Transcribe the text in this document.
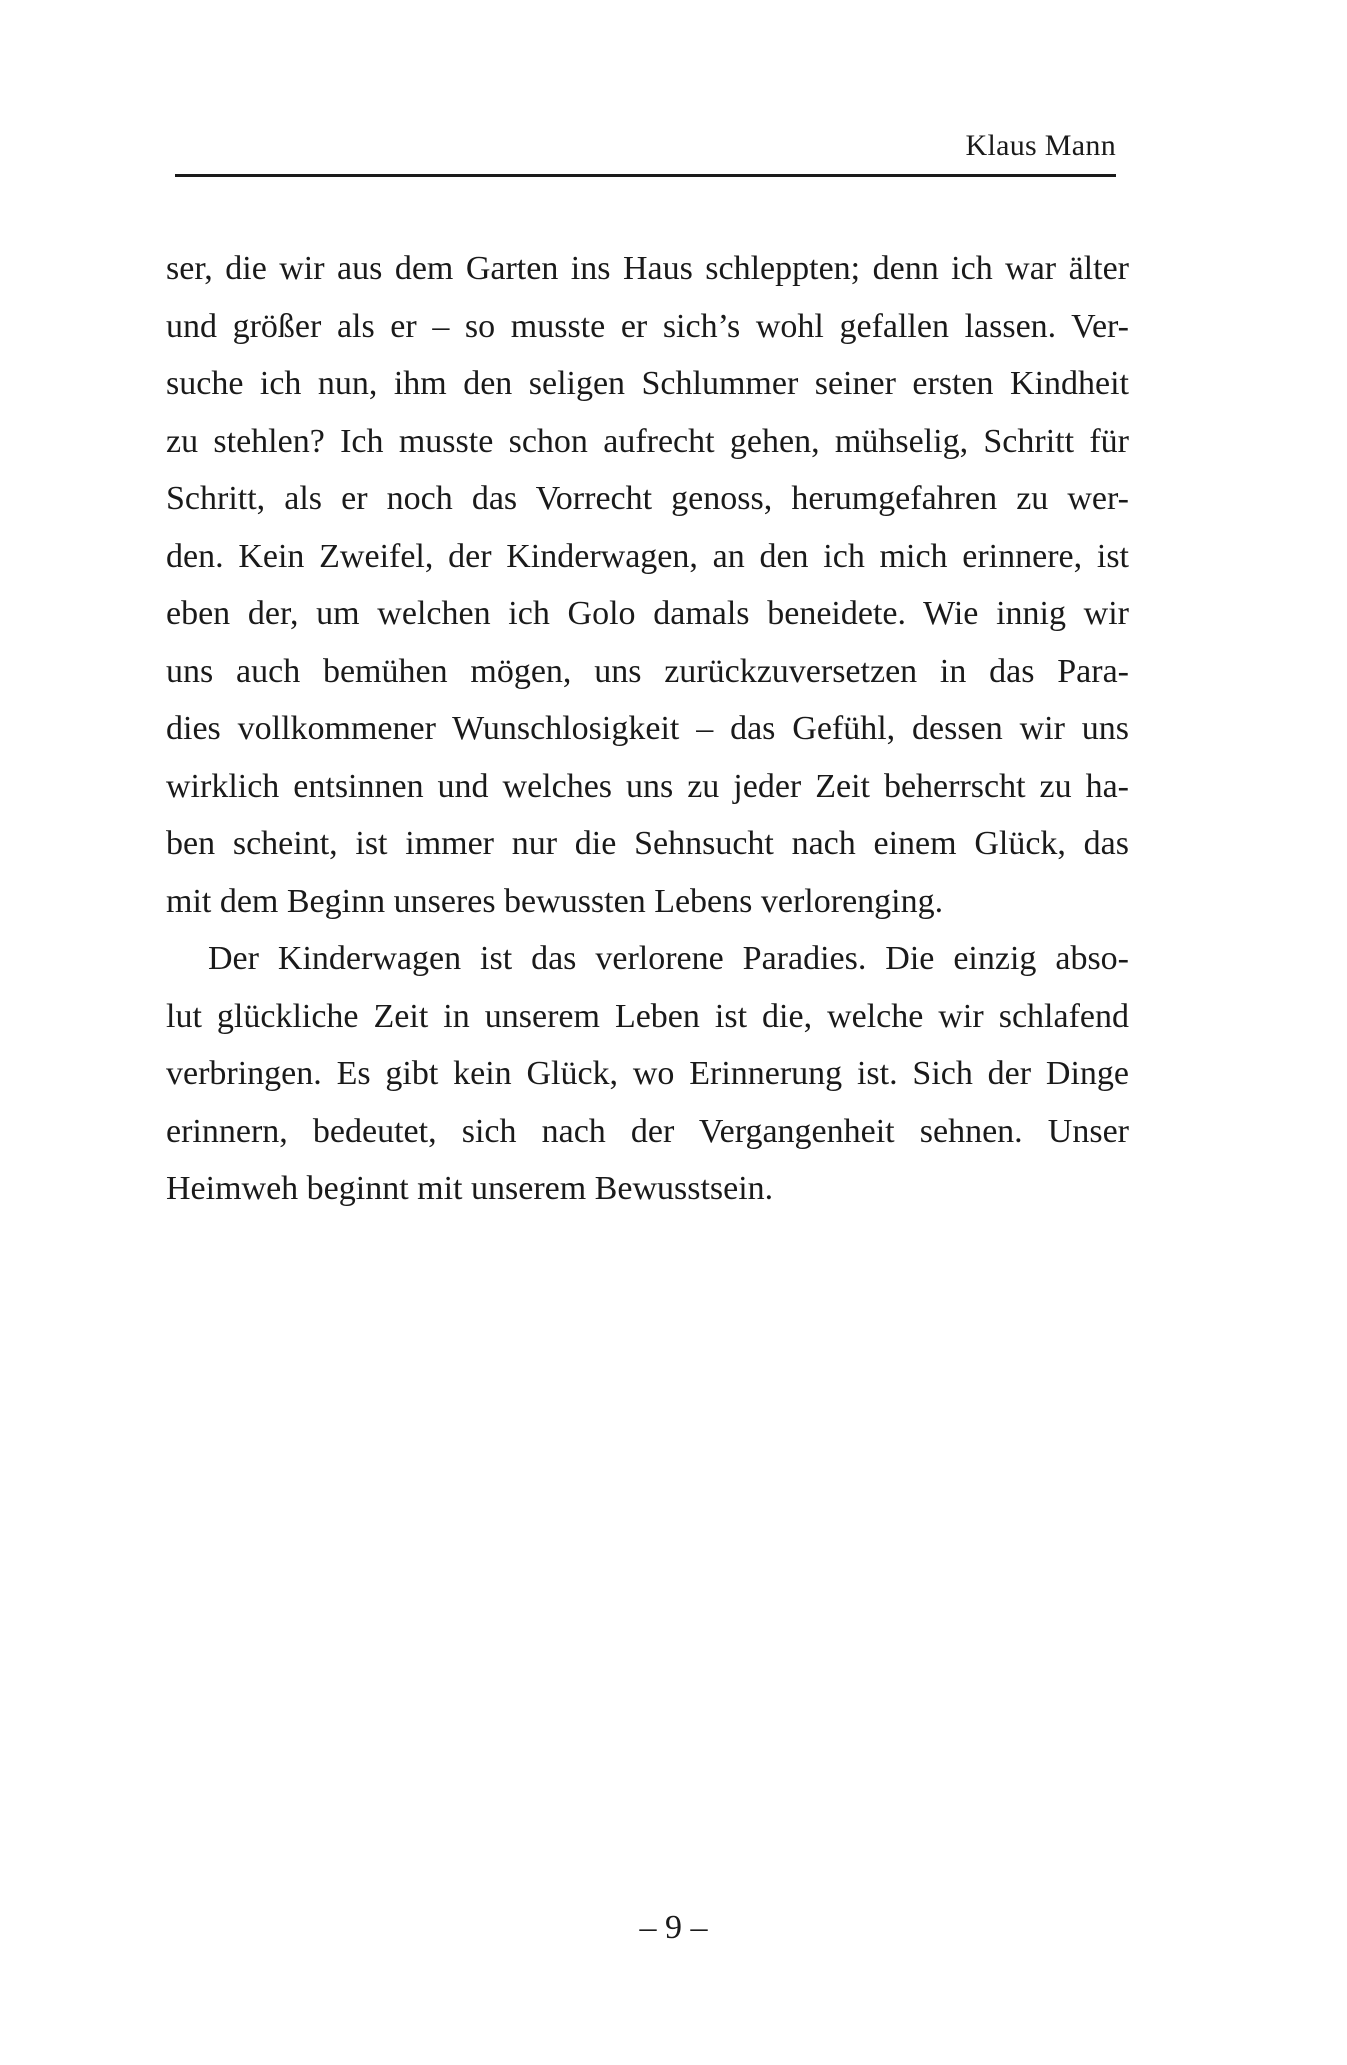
Klaus Mann

ser, die wir aus dem Garten ins Haus schleppten; denn ich war älter
und größer als er – so musste er sich’s wohl gefallen lassen. Ver-
suche ich nun, ihm den seligen Schlummer seiner ersten Kindheit
zu stehlen? Ich musste schon aufrecht gehen, mühselig, Schritt für
Schritt, als er noch das Vorrecht genoss, herumgefahren zu wer-
den. Kein Zweifel, der Kinderwagen, an den ich mich erinnere, ist
eben der, um welchen ich Golo damals beneidete. Wie innig wir
uns auch bemühen mögen, uns zurückzuversetzen in das Para-
dies vollkommener Wunschlosigkeit – das Gefühl, dessen wir uns
wirklich entsinnen und welches uns zu jeder Zeit beherrscht zu ha-
ben scheint, ist immer nur die Sehnsucht nach einem Glück, das
mit dem Beginn unseres bewussten Lebens verlorenging.

Der Kinderwagen ist das verlorene Paradies. Die einzig abso-
lut glückliche Zeit in unserem Leben ist die, welche wir schlafend
verbringen. Es gibt kein Glück, wo Erinnerung ist. Sich der Dinge
erinnern, bedeutet, sich nach der Vergangenheit sehnen. Unser
Heimweh beginnt mit unserem Bewusstsein.

– 9 –
